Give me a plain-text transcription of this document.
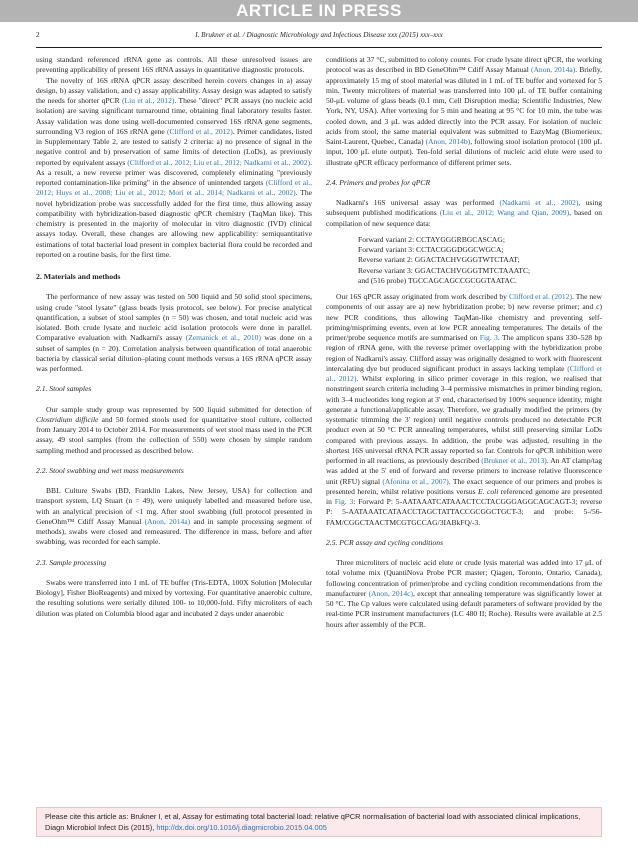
ARTICLE IN PRESS
2	I. Brukner et al. / Diagnostic Microbiology and Infectious Disease xxx (2015) xxx–xxx

using standard referenced rRNA gene as controls. All these unresolved issues are preventing applicability of present 16S rRNA assays in quantitative diagnostic protocols.

The novelty of 16S rRNA qPCR assay described herein covers changes in a) assay design, b) assay validation, and c) assay applicability. Assay design was adapted to satisfy the needs for shorter qPCR (Liu et al., 2012). These "direct" PCR assays (no nucleic acid isolation) are saving significant turnaround time, obtaining final laboratory results faster. Assay validation was done using well-documented conserved 16S rRNA gene segments, surrounding V3 region of 16S rRNA gene (Clifford et al., 2012). Primer candidates, listed in Supplementary Table 2, are tested to satisfy 2 criteria: a) no presence of signal in the negative control and b) preservation of same limits of detection (LoDs), as previously reported by equivalent assays (Clifford et al., 2012; Liu et al., 2012; Nadkarni et al., 2002). As a result, a new reverse primer was discovered, completely eliminating "previously reported contamination-like priming" in the absence of unintended targets (Clifford et al., 2012; Huys et al., 2008; Liu et al., 2012; Mori et al., 2014; Nadkarni et al., 2002). The novel hybridization probe was successfully added for the first time, thus allowing assay compatibility with hybridization-based diagnostic qPCR chemistry (TaqMan like). This chemistry is presented in the majority of molecular in vitro diagnostic (IVD) clinical assays today. Overall, these changes are allowing new applicability: semiquantitative estimations of total bacterial load present in complex bacterial flora could be recorded and reported on a routine basis, for the first time.

2. Materials and methods

The performance of new assay was tested on 500 liquid and 50 solid stool specimens, using crude "stool lysate" (glass beads lysis protocol, see below). For precise analytical quantification, a subset of stool samples (n = 50) was chosen, and total nucleic acid was isolated. Both crude lysate and nucleic acid isolation protocols were done in parallel. Comparative evaluation with Nadkarni's assay (Zemanick et al., 2010) was done on a subset of samples (n = 20). Correlation analysis between quantification of total anaerobic bacteria by classical serial dilution–plating count methods versus a 16S rRNA qPCR assay was performed.

2.1. Stool samples

Our sample study group was represented by 500 liquid submitted for detection of Clostridium difficile and 50 formed stools used for quantitative stool culture, collected from January 2014 to October 2014. For measurements of wet stool mass used in the PCR assay, 49 stool samples (from the collection of 550) were chosen by simple random sampling method and processed as described below.

2.2. Stool swabbing and wet mass measurements

BBL Culture Swabs (BD, Franklin Lakes, New Jersey, USA) for collection and transport system, LQ Stuart (n = 49), were uniquely labelled and measured before use, with an analytical precision of <1 mg. After stool swabbing (full protocol presented in GeneOhm™ Cdiff Assay Manual (Anon, 2014a) and in sample processing segment of methods), swabs were closed and remeasured. The difference in mass, before and after swabbing, was recorded for each sample.

2.3. Sample processing

Swabs were transferred into 1 mL of TE buffer (Tris-EDTA, 100X Solution [Molecular Biology], Fisher BioReagents) and mixed by vortexing. For quantitative anaerobic culture, the resulting solutions were serially diluted 100- to 10,000-fold. Fifty microliters of each dilution was plated on Columbia blood agar and incubated 2 days under anaerobic

conditions at 37 °C, submitted to colony counts. For crude lysate direct qPCR, the working protocol was as described in BD GeneOhm™ Cdiff Assay Manual (Anon, 2014a). Briefly, approximately 15 mg of stool material was diluted in 1 mL of TE buffer and vortexed for 5 min. Twenty microliters of material was transferred into 100 μL of TE buffer containing 50-μL volume of glass beads (0.1 mm, Cell Disruption media; Scientific Industries, New York, NY, USA). After vortexing for 5 min and heating at 95 °C for 10 min, the tube was cooled down, and 3 μL was added directly into the PCR assay. For isolation of nucleic acids from stool, the same material equivalent was submitted to EazyMag (Biomerieux, Saint-Laurent, Quebec, Canada) (Anon, 2014b), following stool isolation protocol (100 μL input, 100 μL elute output). Ten-fold serial dilutions of nucleic acid elute were used to illustrate qPCR efficacy performance of different primer sets.

2.4. Primers and probes for qPCR

Nadkarni's 16S universal assay was performed (Nadkarni et al., 2002), using subsequent published modifications (Liu et al., 2012; Wang and Qian, 2009), based on compilation of new sequence data:

Forward variant 2: CCTAYGGGRBGCASCAG;
Forward variant 3: CCTACGGGDGGCWGCA;
Reverse variant 2: GGACTACHVGGGTWTCTAAT;
Reverse variant 3: GGACTACHVGGGTMTCTAAATC;
and (516 probe) TGCCAGCAGCCGCGGTAATAC.

Our 16S qPCR assay originated from work described by Clifford et al. (2012). The new components of our assay are a) new hybridization probe; b) new reverse primer; and c) new PCR conditions, thus allowing TaqMan-like chemistry and preventing self-priming/mispriming events, even at low PCR annealing temperatures. The details of the primer/probe sequence motifs are summarised on Fig. 3. The amplicon spans 330–528 bp region of rRNA gene, with the reverse primer overlapping with the hybridization probe region of Nadkarni's assay. Clifford assay was originally designed to work with fluorescent intercalating dye but produced significant product in assays lacking template (Clifford et al., 2012). Whilst exploring in silico primer coverage in this region, we realised that nonstringent search criteria including 3–4 permissive mismatches in primer binding region, with 3–4 nucleotides long region at 3′ end, characterised by 100% sequence identity, might generate a functional/applicable assay. Therefore, we gradually modified the primers (by systematic trimming the 3′ region) until negative controls produced no detectable PCR product even at 50 °C PCR annealing temperatures, whilst still preserving similar LoDs compared with previous assays. In addition, the probe was adjusted, resulting in the shortest 16S universal rRNA PCR assay reported so far. Controls for qPCR inhibition were performed in all reactions, as previously described (Brukner et al., 2013). An AT clamp/tag was added at the 5′ end of forward and reverse primers to increase relative fluorescence unit (RFU) signal (Afonina et al., 2007). The exact sequence of our primers and probes is presented herein, whilst relative positions versus E. coli referenced genome are presented in Fig. 3: Forward P: 5-AATAAATCATAAACTCCTACGGGAGGCAGCAGT-3; reverse P: 5-AATAAATCATAACCTAGCTATTACCGCGGCTGCT-3; and probe: 5-/56-FAM/CGGCTAACTMCGTGCCAG/3IABkFQ/-3.

2.5. PCR assay and cycling conditions

Three microliters of nucleic acid elute or crude lysis material was added into 17 μL of total volume mix (QuantiNova Probe PCR master; Qiagen, Toronto, Ontario, Canada), following concentration of primer/probe and cycling condition recommendations from the manufacturer (Anon, 2014c), except that annealing temperature was significantly lower at 50 °C. The Cp values were calculated using default parameters of software provided by the real-time PCR instrument manufacturers (LC 480 II; Roche). Results were available at 2.5 hours after assembly of the PCR.

Please cite this article as: Brukner I, et al, Assay for estimating total bacterial load: relative qPCR normalisation of bacterial load with associated clinical implications, Diagn Microbiol Infect Dis (2015), http://dx.doi.org/10.1016/j.diagmicrobio.2015.04.005
